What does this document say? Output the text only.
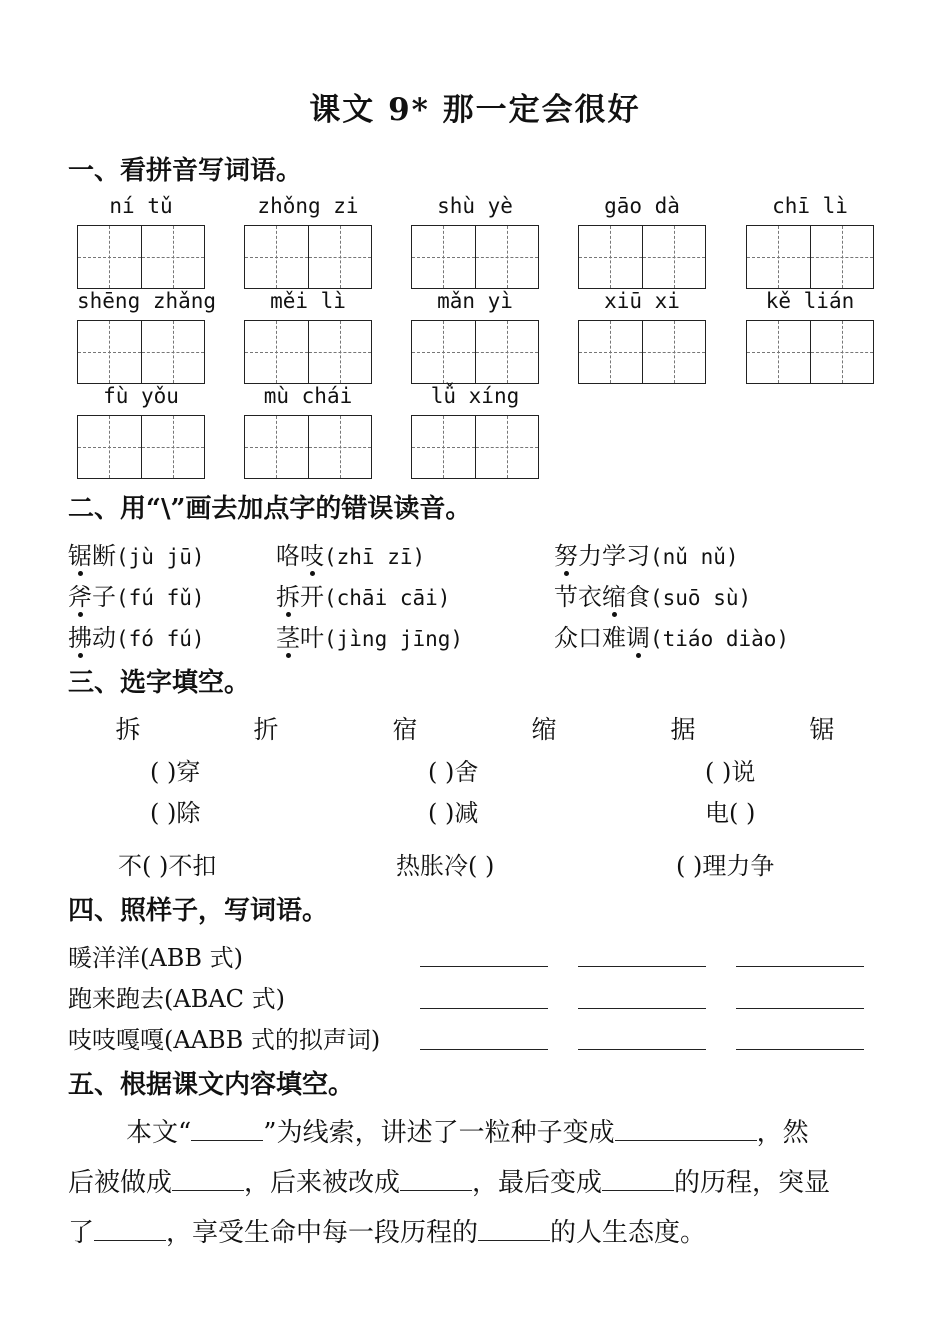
课文 9* 那一定会很好
一、看拼音写词语。
ní tǔ	zhǒng zi	shù yè	gāo dà	chī lì
shēng zhǎng	měi lì	mǎn yì	xiū xi	kě lián
fù yǒu	mù chái	lǚ xíng
二、用“\”画去加点字的错误读音。
锯断(jù jū)	咯吱(zhī zī)	努力学习(nǔ nǔ)
斧子(fú fǔ)	拆开(chāi cāi)	节衣缩食(suō sù)
拂动(fó fú)	茎叶(jìng jīng)	众口难调(tiáo diào)
三、选字填空。
拆	折	宿	缩	据	锯
( )穿	( )舍	( )说
( )除	( )减	电( )
不( )不扣	热胀冷( )	( )理力争
四、照样子，写词语。
暖洋洋(ABB 式)
跑来跑去(ABAC 式)
吱吱嘎嘎(AABB 式的拟声词)
五、根据课文内容填空。
本文“	”为线索，讲述了一粒种子变成	，然
后被做成	，后来被改成	，最后变成	的历程，突显
了	，享受生命中每一段历程的	的人生态度。
